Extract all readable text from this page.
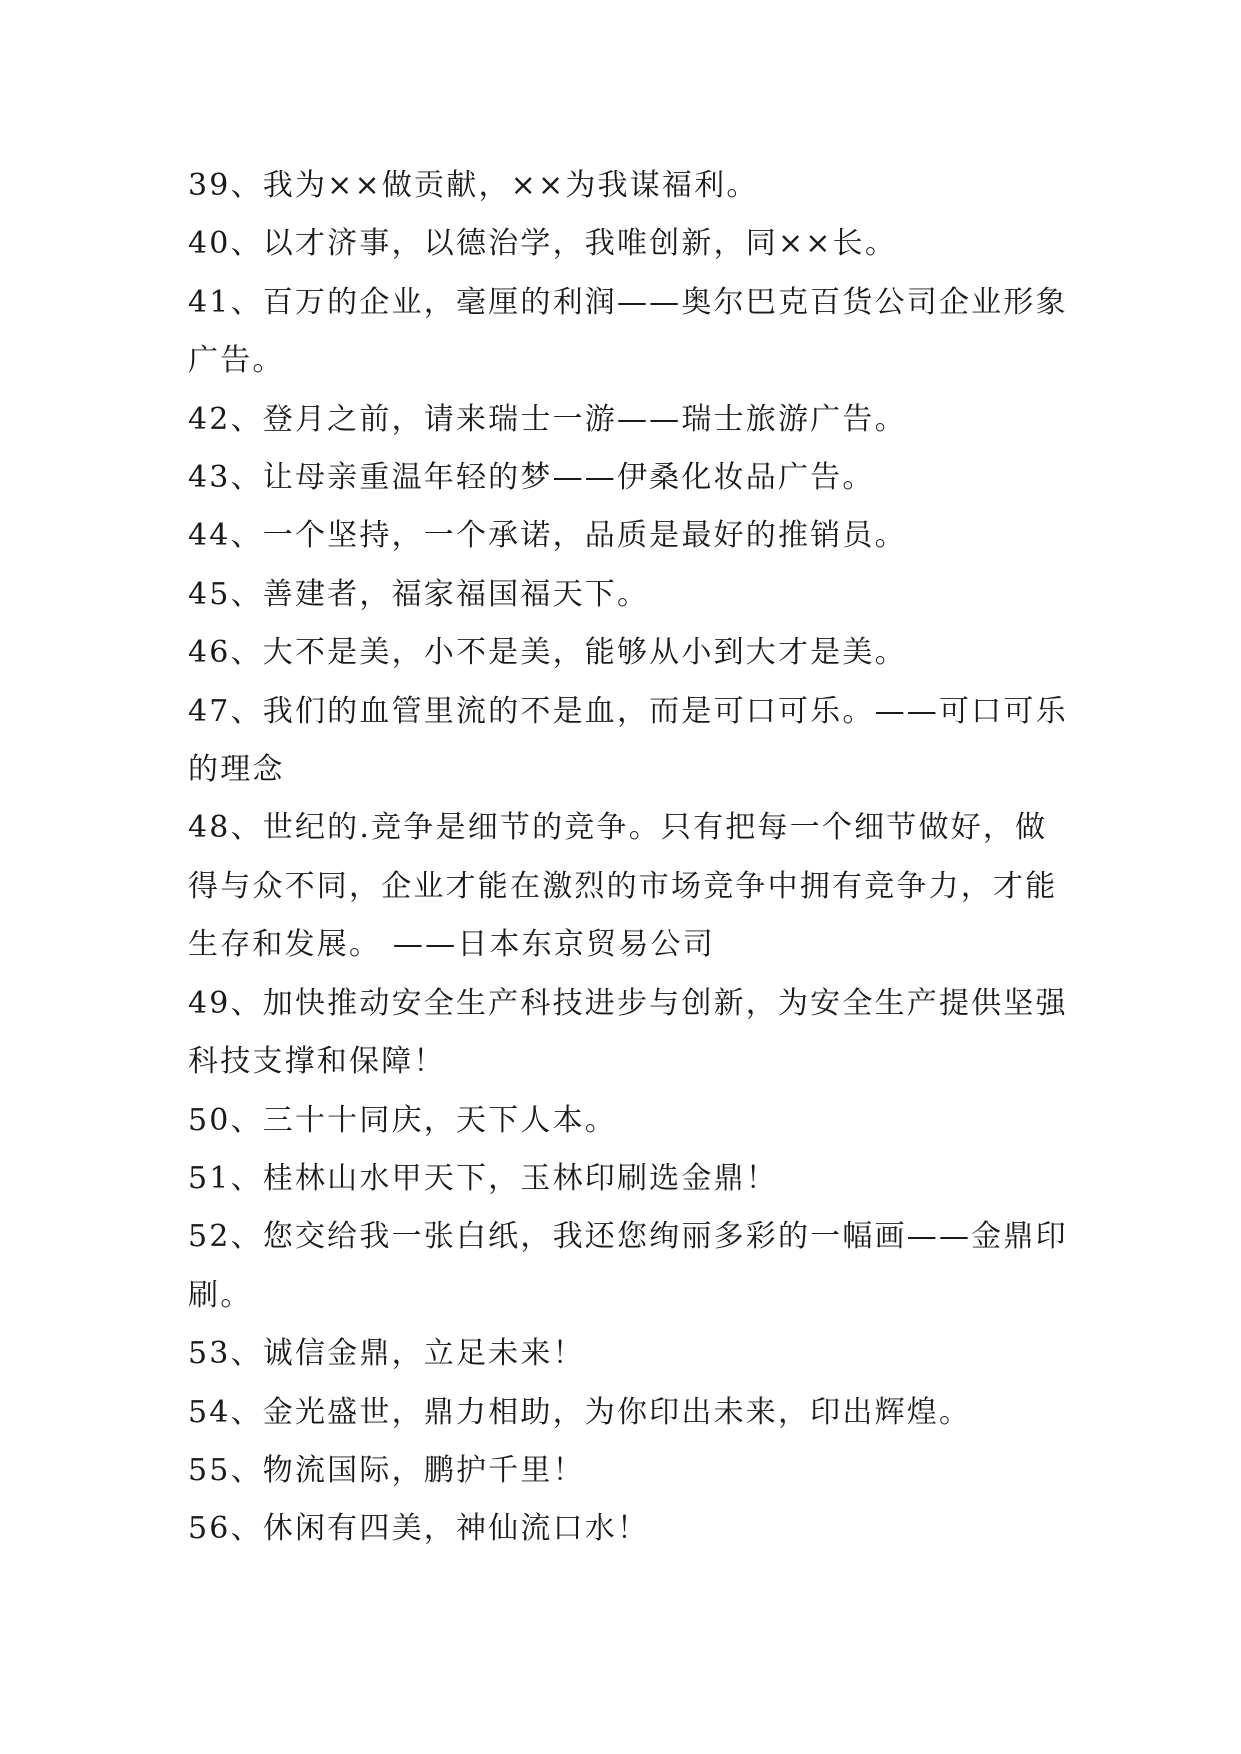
39、我为××做贡献，××为我谋福利。

40、以才济事，以德治学，我唯创新，同××长。

41、百万的企业，毫厘的利润——奥尔巴克百货公司企业形象广告。

42、登月之前，请来瑞士一游——瑞士旅游广告。

43、让母亲重温年轻的梦——伊桑化妆品广告。

44、一个坚持，一个承诺，品质是最好的推销员。

45、善建者，福家福国福天下。

46、大不是美，小不是美，能够从小到大才是美。

47、我们的血管里流的不是血，而是可口可乐。——可口可乐的理念

48、世纪的.竞争是细节的竞争。只有把每一个细节做好，做得与众不同，企业才能在激烈的市场竞争中拥有竞争力，才能生存和发展。 ——日本东京贸易公司

49、加快推动安全生产科技进步与创新，为安全生产提供坚强科技支撑和保障！

50、三十十同庆，天下人本。

51、桂林山水甲天下，玉林印刷选金鼎！

52、您交给我一张白纸，我还您绚丽多彩的一幅画——金鼎印刷。

53、诚信金鼎，立足未来！

54、金光盛世，鼎力相助，为你印出未来，印出辉煌。

55、物流国际，鹏护千里！

56、休闲有四美，神仙流口水！
